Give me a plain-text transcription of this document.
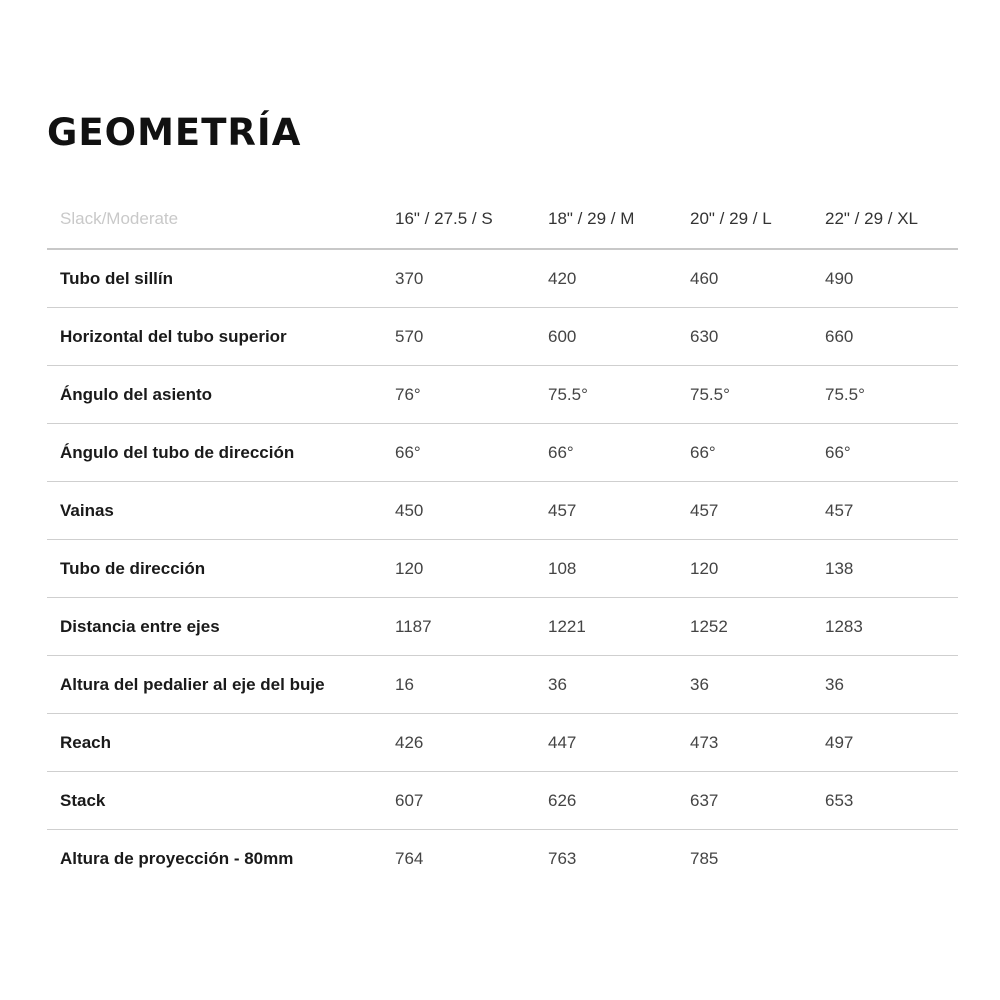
GEOMETRÍA
Slack/Moderate	16" / 27.5 / S	18" / 29 / M	20" / 29 / L	22" / 29 / XL
Tubo del sillín	370	420	460	490
Horizontal del tubo superior	570	600	630	660
Ángulo del asiento	76°	75.5°	75.5°	75.5°
Ángulo del tubo de dirección	66°	66°	66°	66°
Vainas	450	457	457	457
Tubo de dirección	120	108	120	138
Distancia entre ejes	1187	1221	1252	1283
Altura del pedalier al eje del buje	16	36	36	36
Reach	426	447	473	497
Stack	607	626	637	653
Altura de proyección - 80mm	764	763	785	
